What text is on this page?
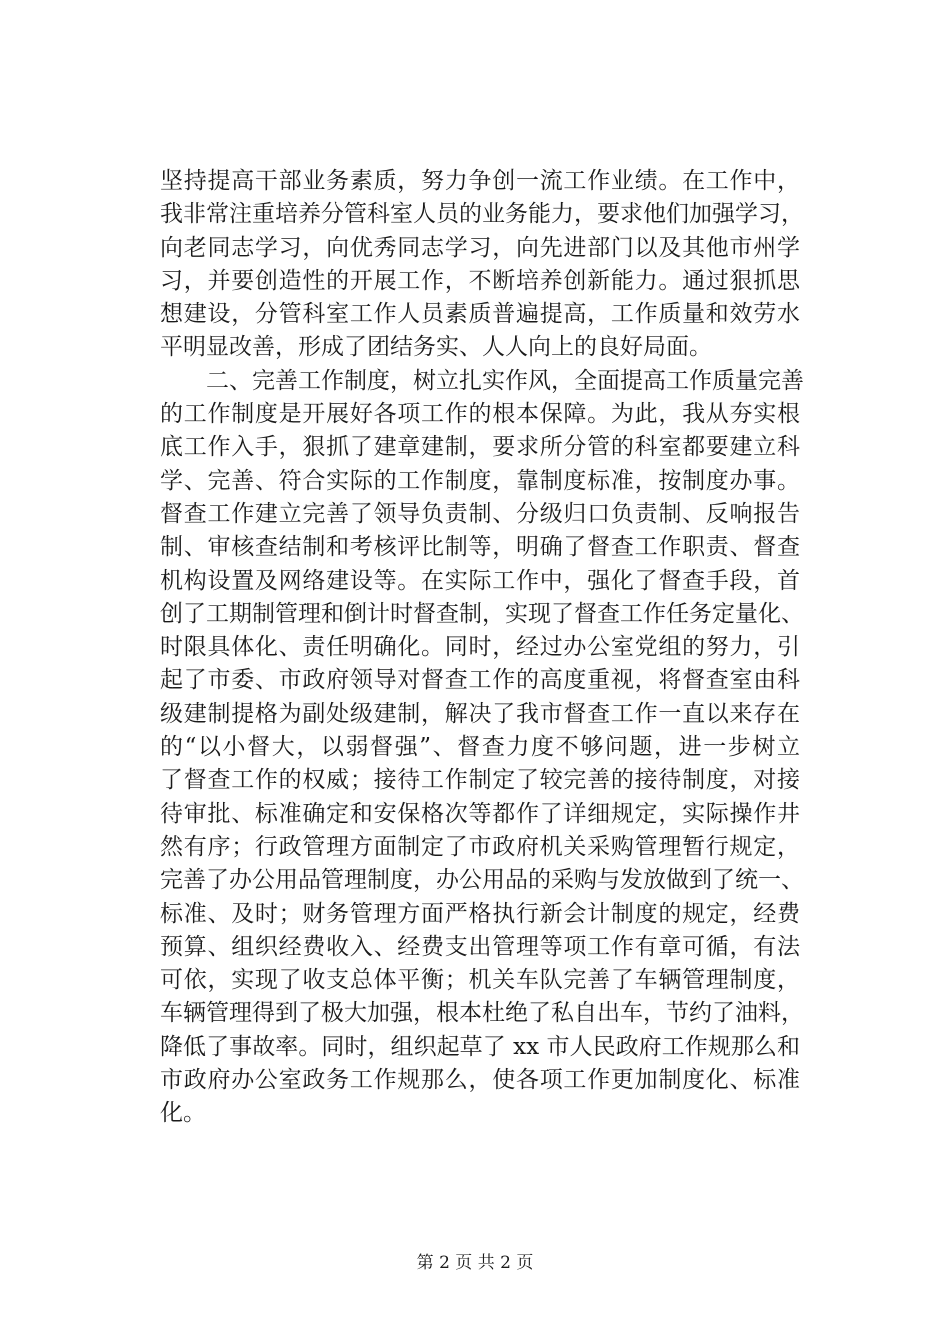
坚持提高干部业务素质，努力争创一流工作业绩。在工作中，
我非常注重培养分管科室人员的业务能力，要求他们加强学习，
向老同志学习，向优秀同志学习，向先进部门以及其他市州学
习，并要创造性的开展工作，不断培养创新能力。通过狠抓思
想建设，分管科室工作人员素质普遍提高，工作质量和效劳水
平明显改善，形成了团结务实、人人向上的良好局面。
　　二、完善工作制度，树立扎实作风，全面提高工作质量完善
的工作制度是开展好各项工作的根本保障。为此，我从夯实根
底工作入手，狠抓了建章建制，要求所分管的科室都要建立科
学、完善、符合实际的工作制度，靠制度标准，按制度办事。
督查工作建立完善了领导负责制、分级归口负责制、反响报告
制、审核查结制和考核评比制等，明确了督查工作职责、督查
机构设置及网络建设等。在实际工作中，强化了督查手段，首
创了工期制管理和倒计时督查制，实现了督查工作任务定量化、
时限具体化、责任明确化。同时，经过办公室党组的努力，引
起了市委、市政府领导对督查工作的高度重视，将督查室由科
级建制提格为副处级建制，解决了我市督查工作一直以来存在
的“以小督大，以弱督强”、督查力度不够问题，进一步树立
了督查工作的权威；接待工作制定了较完善的接待制度，对接
待审批、标准确定和安保格次等都作了详细规定，实际操作井
然有序；行政管理方面制定了市政府机关采购管理暂行规定，
完善了办公用品管理制度，办公用品的采购与发放做到了统一、
标准、及时；财务管理方面严格执行新会计制度的规定，经费
预算、组织经费收入、经费支出管理等项工作有章可循，有法
可依，实现了收支总体平衡；机关车队完善了车辆管理制度，
车辆管理得到了极大加强，根本杜绝了私自出车，节约了油料，
降低了事故率。同时，组织起草了 xx 市人民政府工作规那么和
市政府办公室政务工作规那么，使各项工作更加制度化、标准
化。
第 2 页 共 2 页
